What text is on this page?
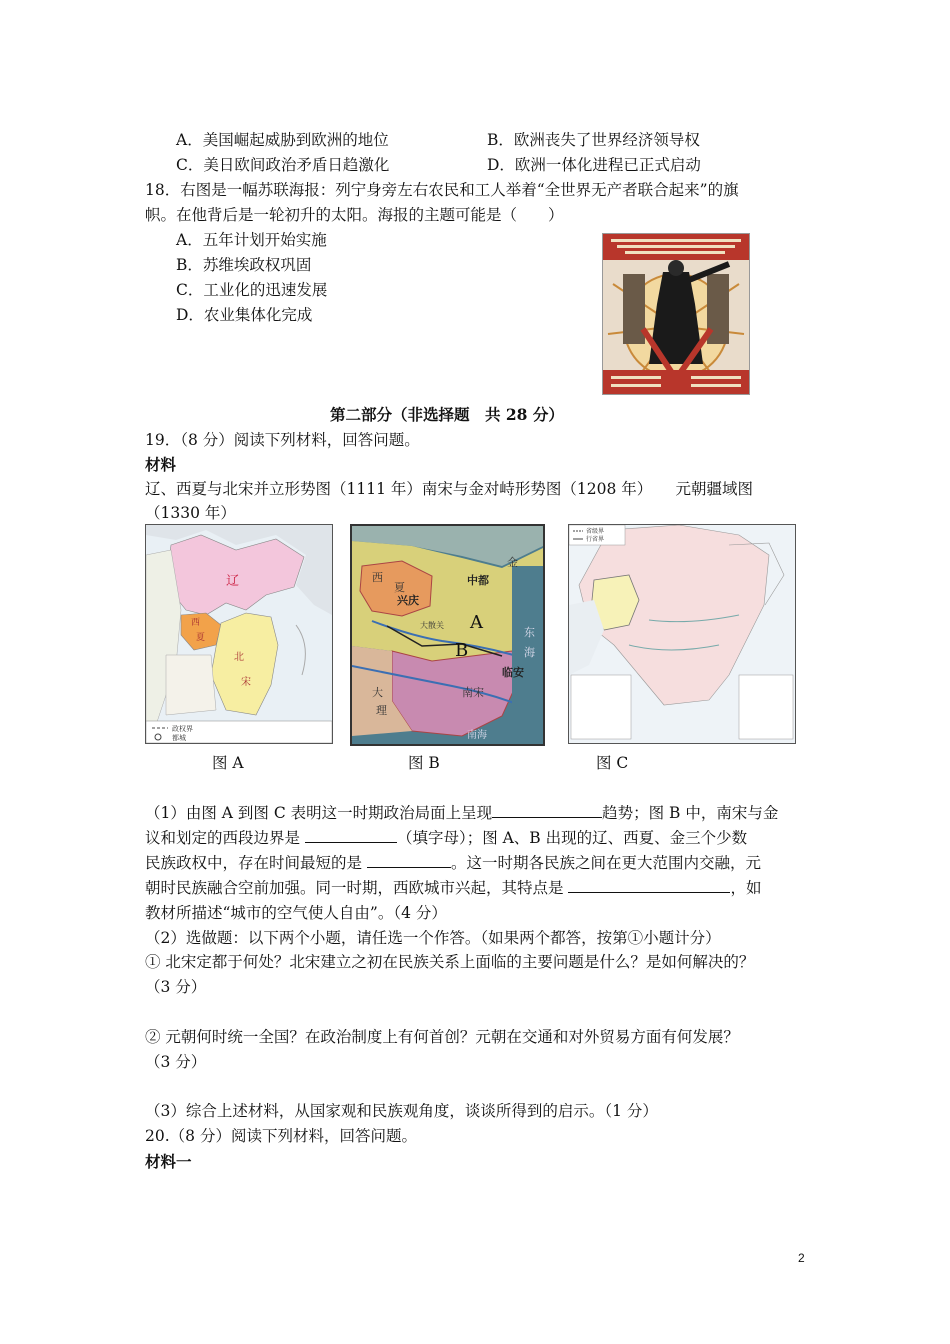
A．美国崛起威胁到欧洲的地位	B．欧洲丧失了世界经济领导权
C．美日欧间政治矛盾日趋激化	D．欧洲一体化进程已正式启动
18．右图是一幅苏联海报：列宁身旁左右农民和工人举着“全世界无产者联合起来”的旗
帜。在他背后是一轮初升的太阳。海报的主题可能是（　　）
A．五年计划开始实施
B．苏维埃政权巩固
C．工业化的迅速发展
D．农业集体化完成
第二部分（非选择题　共 28 分）
19．（8 分）阅读下列材料，回答问题。
材料
辽、西夏与北宋并立形势图（1111 年）南宋与金对峙形势图（1208 年）　　元朝疆域图
（1330 年）
辽
西
夏
北
宋
政权界
都城
中都
兴庆
西
夏
金
大散关 A
B
南宋
临安
东
海
大
理
南海
省级界
行省界
图 A	图 B	图 C
（1）由图 A 到图 C 表明这一时期政治局面上呈现	趋势；图 B 中，南宋与金
议和划定的西段边界是	（填字母）；图 A、B 出现的辽、西夏、金三个少数
民族政权中，存在时间最短的是	。这一时期各民族之间在更大范围内交融，元
朝时民族融合空前加强。同一时期，西欧城市兴起，其特点是	，如
教材所描述“城市的空气使人自由”。（4 分）
（2）选做题：以下两个小题，请任选一个作答。（如果两个都答，按第①小题计分）
① 北宋定都于何处？北宋建立之初在民族关系上面临的主要问题是什么？是如何解决的？
（3 分）
② 元朝何时统一全国？在政治制度上有何首创？元朝在交通和对外贸易方面有何发展？
（3 分）
（3）综合上述材料，从国家观和民族观角度，谈谈所得到的启示。（1 分）
20.（8 分）阅读下列材料，回答问题。
材料一
2
